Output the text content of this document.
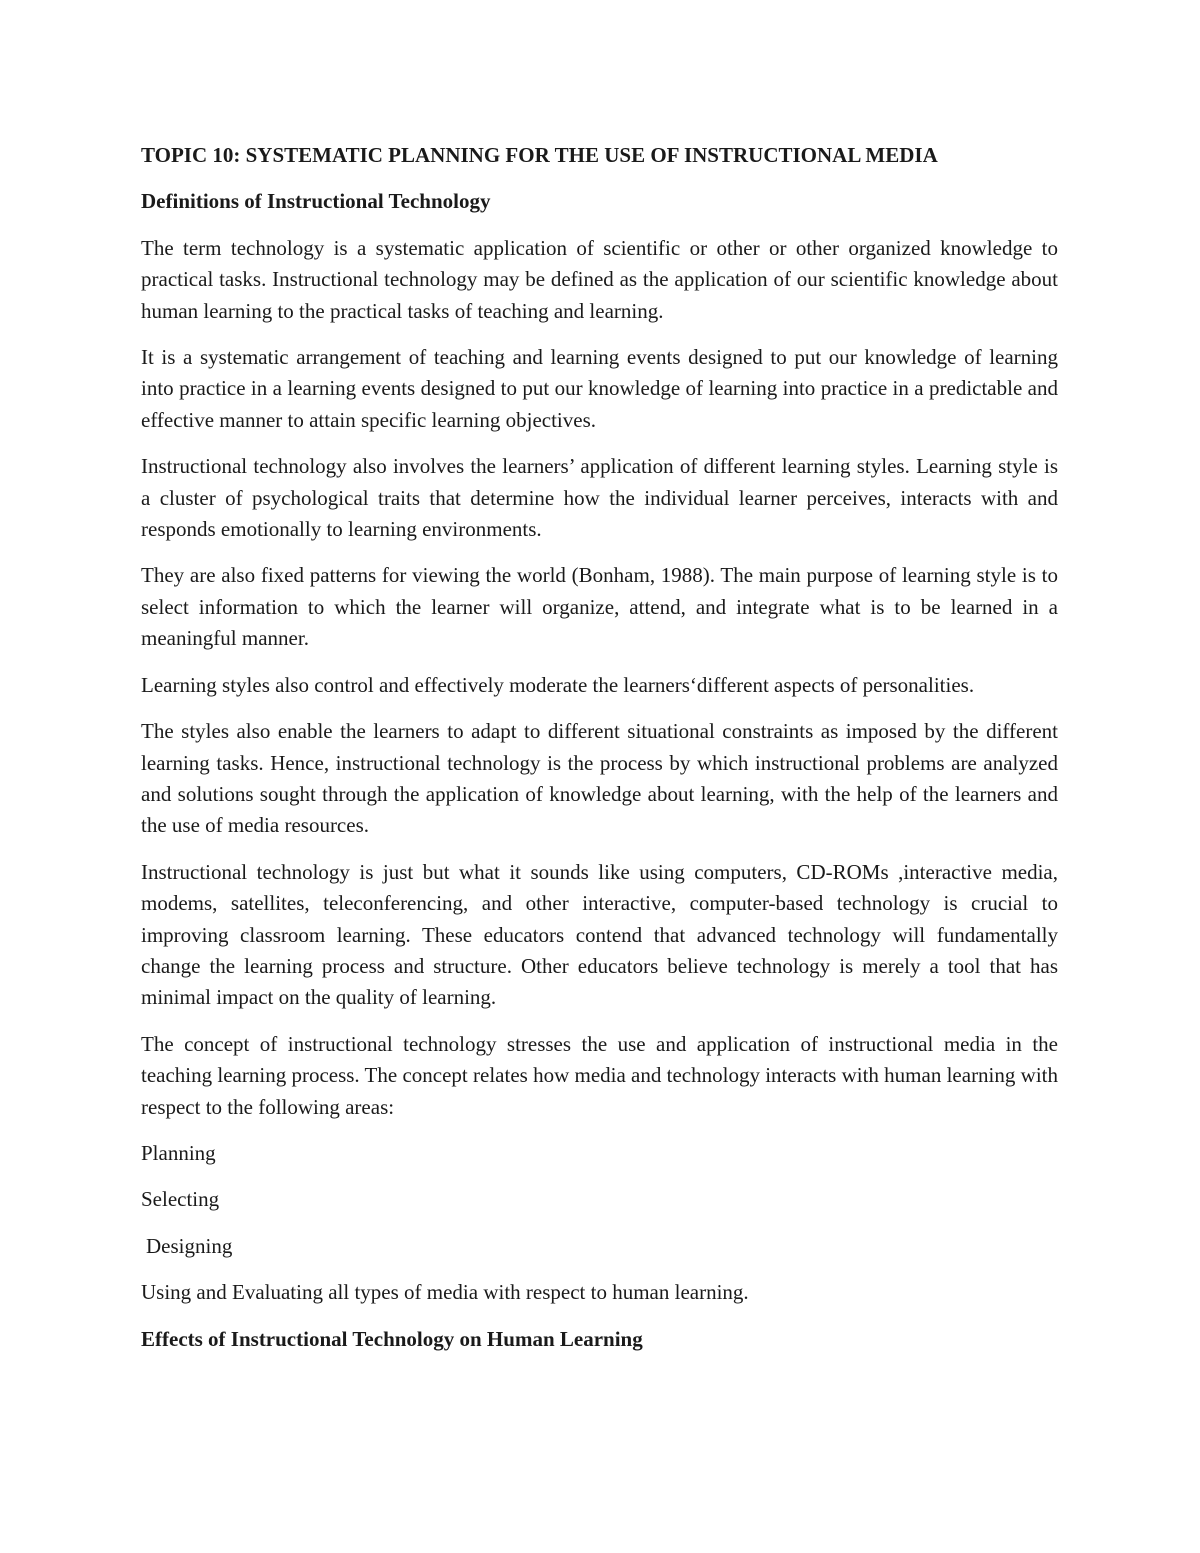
TOPIC 10: SYSTEMATIC PLANNING FOR THE USE OF INSTRUCTIONAL MEDIA

Definitions of Instructional Technology

The term technology is a systematic application of scientific or other or other organized knowledge to practical tasks. Instructional technology may be defined as the application of our scientific knowledge about human learning to the practical tasks of teaching and learning.

It is a systematic arrangement of teaching and learning events designed to put our knowledge of learning into practice in a learning events designed to put our knowledge of learning into practice in a predictable and effective manner to attain specific learning objectives.

Instructional technology also involves the learners’ application of different learning styles. Learning style is a cluster of psychological traits that determine how the individual learner perceives, interacts with and responds emotionally to learning environments.

They are also fixed patterns for viewing the world (Bonham, 1988). The main purpose of learning style is to select information to which the learner will organize, attend, and integrate what is to be learned in a meaningful manner.

Learning styles also control and effectively moderate the learners‘different aspects of personalities.

The styles also enable the learners to adapt to different situational constraints as imposed by the different learning tasks. Hence, instructional technology is the process by which instructional problems are analyzed and solutions sought through the application of knowledge about learning, with the help of the learners and the use of media resources.

Instructional technology is just but what it sounds like using computers, CD-ROMs ,interactive media, modems, satellites, teleconferencing, and other interactive, computer-based technology is crucial to improving classroom learning. These educators contend that advanced technology will fundamentally change the learning process and structure. Other educators believe technology is merely a tool that has minimal impact on the quality of learning.

The concept of instructional technology stresses the use and application of instructional media in the teaching learning process. The concept relates how media and technology interacts with human learning with respect to the following areas:

Planning

Selecting

Designing

Using and Evaluating all types of media with respect to human learning.

Effects of Instructional Technology on Human Learning
